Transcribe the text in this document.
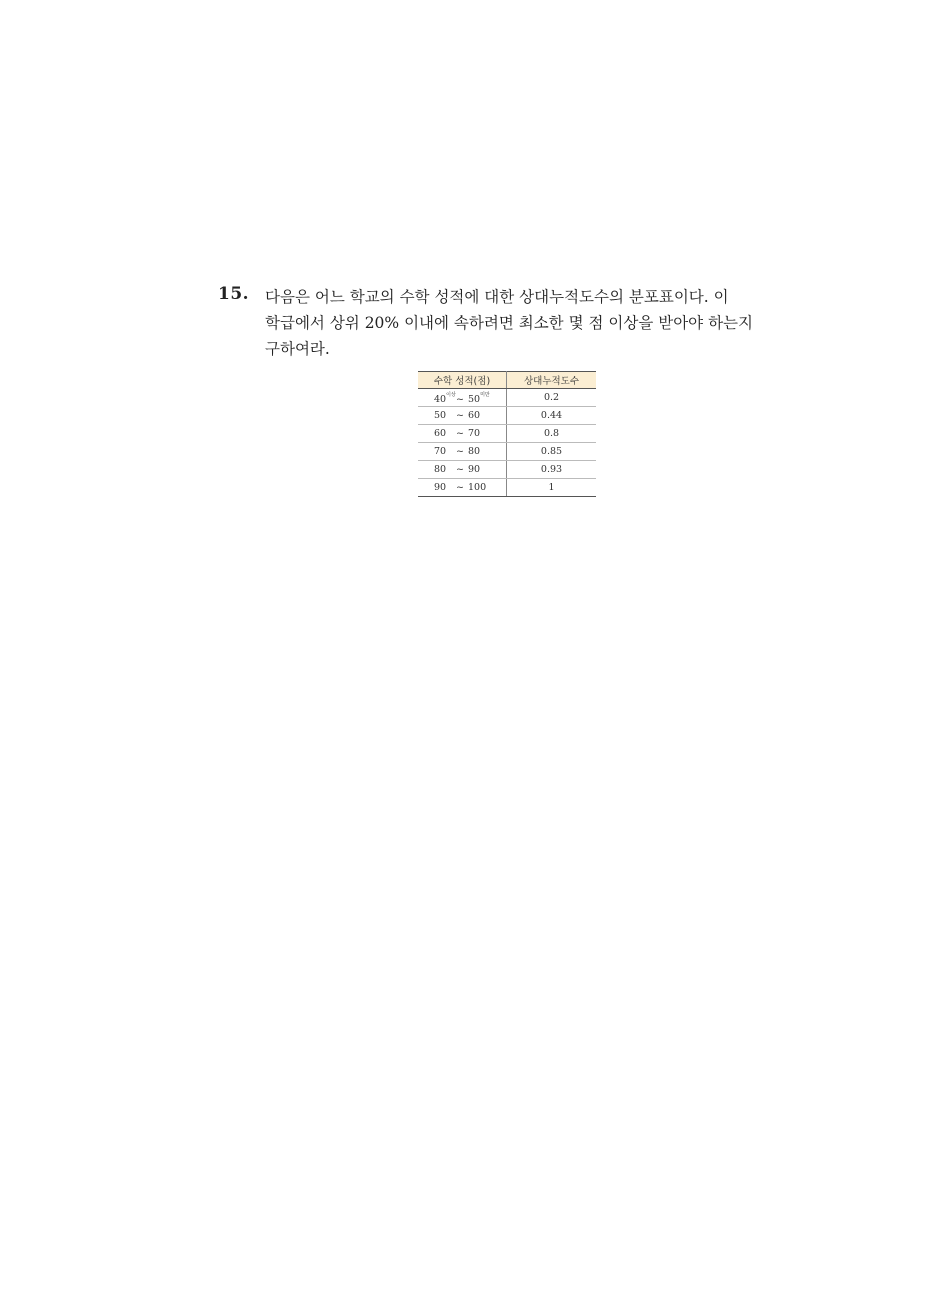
15. 다음은 어느 학교의 수학 성적에 대한 상대누적도수의 분포표이다. 이
학급에서 상위 20% 이내에 속하려면 최소한 몇 점 이상을 받아야 하는지
구하여라.
수학 성적(점)	상대누적도수
$40^{이상}\sim$ $50^{미만}$	0.2
50 ~ 60	0.44
60 ~ 70	0.8
70 ~ 80	0.85
80 ~ 90	0.93
90 ~ 100	1
